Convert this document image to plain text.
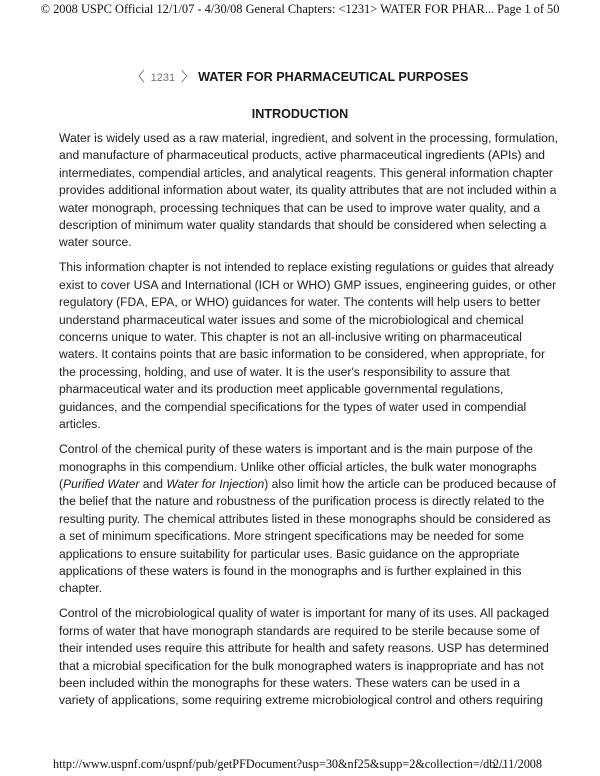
© 2008 USPC Official 12/1/07 - 4/30/08 General Chapters: <1231> WATER FOR PHAR... Page 1 of 50
〈 1231 〉 WATER FOR PHARMACEUTICAL PURPOSES
INTRODUCTION

Water is widely used as a raw material, ingredient, and solvent in the processing, formulation,
and manufacture of pharmaceutical products, active pharmaceutical ingredients (APIs) and
intermediates, compendial articles, and analytical reagents. This general information chapter
provides additional information about water, its quality attributes that are not included within a
water monograph, processing techniques that can be used to improve water quality, and a
description of minimum water quality standards that should be considered when selecting a
water source.

This information chapter is not intended to replace existing regulations or guides that already
exist to cover USA and International (ICH or WHO) GMP issues, engineering guides, or other
regulatory (FDA, EPA, or WHO) guidances for water. The contents will help users to better
understand pharmaceutical water issues and some of the microbiological and chemical
concerns unique to water. This chapter is not an all-inclusive writing on pharmaceutical
waters. It contains points that are basic information to be considered, when appropriate, for
the processing, holding, and use of water. It is the user's responsibility to assure that
pharmaceutical water and its production meet applicable governmental regulations,
guidances, and the compendial specifications for the types of water used in compendial
articles.

Control of the chemical purity of these waters is important and is the main purpose of the
monographs in this compendium. Unlike other official articles, the bulk water monographs
(Purified Water and Water for Injection) also limit how the article can be produced because of
the belief that the nature and robustness of the purification process is directly related to the
resulting purity. The chemical attributes listed in these monographs should be considered as
a set of minimum specifications. More stringent specifications may be needed for some
applications to ensure suitability for particular uses. Basic guidance on the appropriate
applications of these waters is found in the monographs and is further explained in this
chapter.

Control of the microbiological quality of water is important for many of its uses. All packaged
forms of water that have monograph standards are required to be sterile because some of
their intended uses require this attribute for health and safety reasons. USP has determined
that a microbial specification for the bulk monographed waters is inappropriate and has not
been included within the monographs for these waters. These waters can be used in a
variety of applications, some requiring extreme microbiological control and others requiring

http://www.uspnf.com/uspnf/pub/getPFDocument?usp=30&nf25&supp=2&collection=/db...
2/11/2008
